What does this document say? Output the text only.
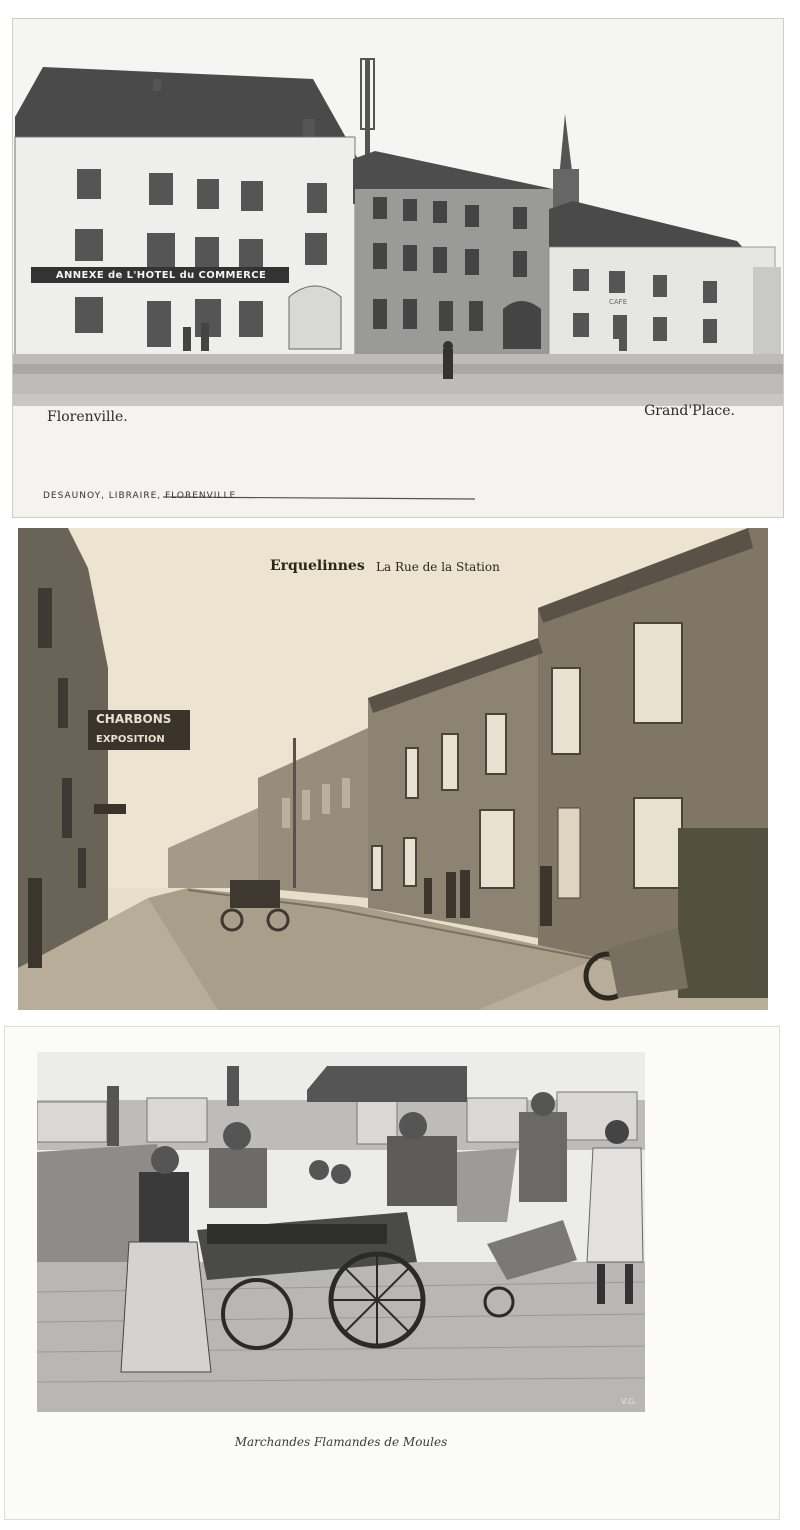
ANNEXE de L'HOTEL du COMMERCE
CAFE
Florenville.	Grand'Place.
DESAUNOY, LIBRAIRE, FLORENVILLE
CHARBONS
EXPOSITION
Erquelinnes La Rue de la Station
V.G.
Marchandes Flamandes de Moules
